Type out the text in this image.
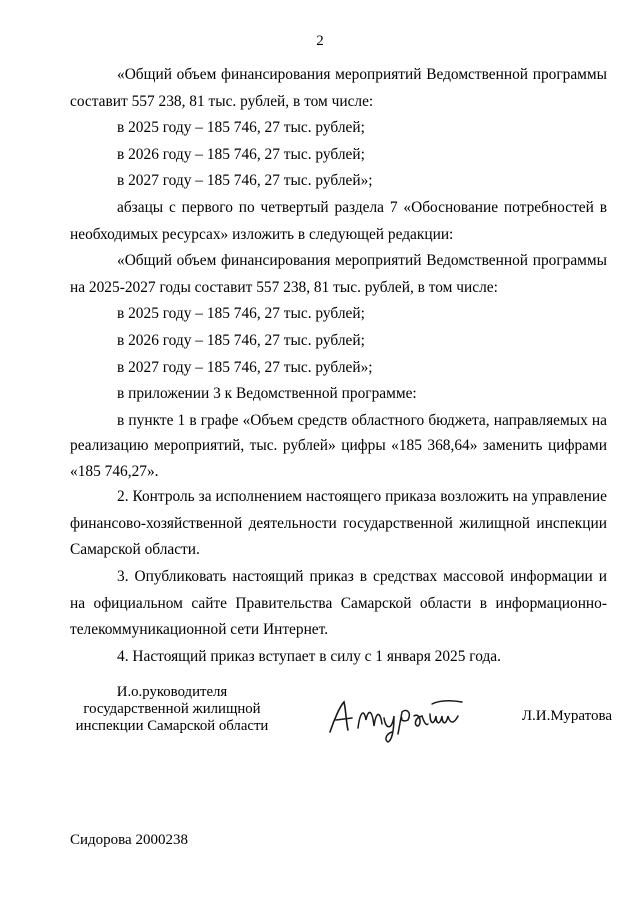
2

«Общий объем финансирования мероприятий Ведомственной программы составит 557 238, 81 тыс. рублей, в том числе:

в 2025 году – 185 746, 27 тыс. рублей;

в 2026 году – 185 746, 27 тыс. рублей;

в 2027 году – 185 746, 27 тыс. рублей»;

абзацы с первого по четвертый раздела 7 «Обоснование потребностей в необходимых ресурсах» изложить в следующей редакции:

«Общий объем финансирования мероприятий Ведомственной программы на 2025-2027 годы составит 557 238, 81 тыс. рублей, в том числе:

в 2025 году – 185 746, 27 тыс. рублей;

в 2026 году – 185 746, 27 тыс. рублей;

в 2027 году – 185 746, 27 тыс. рублей»;

в приложении 3 к Ведомственной программе:

в пункте 1 в графе «Объем средств областного бюджета, направляемых на реализацию мероприятий, тыс. рублей» цифры «185 368,64» заменить цифрами «185 746,27».

2. Контроль за исполнением настоящего приказа возложить на управление финансово-хозяйственной деятельности государственной жилищной инспекции Самарской области.

3. Опубликовать настоящий приказ в средствах массовой информации и на официальном сайте Правительства Самарской области в информационно-телекоммуникационной сети Интернет.

4. Настоящий приказ вступает в силу с 1 января 2025 года.

И.о.руководителя
государственной жилищной
инспекции Самарской области
Л.И.Муратова
Сидорова 2000238
